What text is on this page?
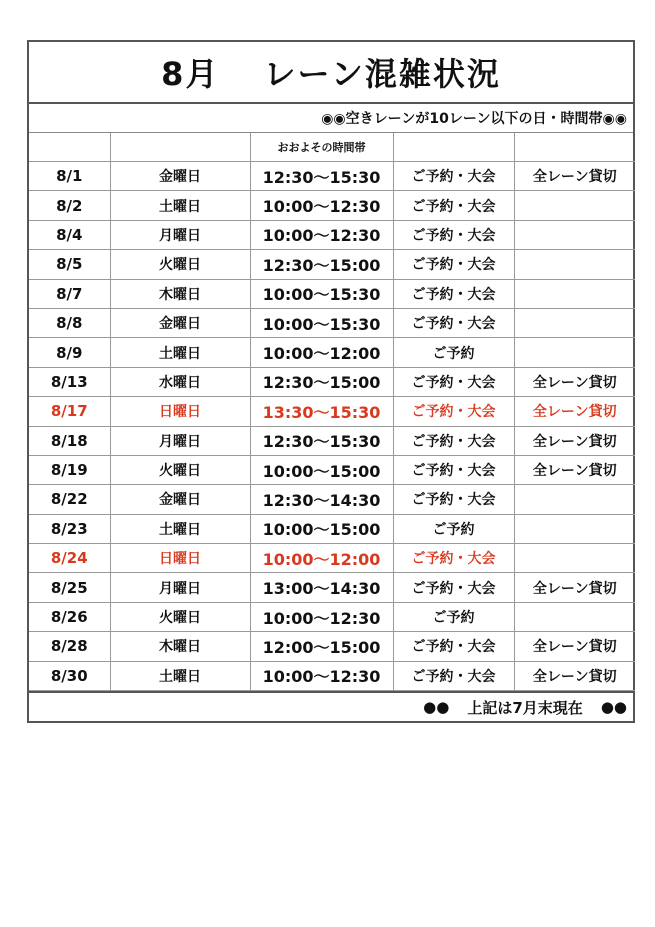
8月 レーン混雑状況
◉◉空きレーンが10レーン以下の日・時間帯◉◉
		おおよその時間帯		
8/1	金曜日	12:30〜15:30	ご予約・大会	全レーン貸切
8/2	土曜日	10:00〜12:30	ご予約・大会	
8/4	月曜日	10:00〜12:30	ご予約・大会	
8/5	火曜日	12:30〜15:00	ご予約・大会	
8/7	木曜日	10:00〜15:30	ご予約・大会	
8/8	金曜日	10:00〜15:30	ご予約・大会	
8/9	土曜日	10:00〜12:00	ご予約	
8/13	水曜日	12:30〜15:00	ご予約・大会	全レーン貸切
8/17	日曜日	13:30〜15:30	ご予約・大会	全レーン貸切
8/18	月曜日	12:30〜15:30	ご予約・大会	全レーン貸切
8/19	火曜日	10:00〜15:00	ご予約・大会	全レーン貸切
8/22	金曜日	12:30〜14:30	ご予約・大会	
8/23	土曜日	10:00〜15:00	ご予約	
8/24	日曜日	10:00〜12:00	ご予約・大会	
8/25	月曜日	13:00〜14:30	ご予約・大会	全レーン貸切
8/26	火曜日	10:00〜12:30	ご予約	
8/28	木曜日	12:00〜15:00	ご予約・大会	全レーン貸切
8/30	土曜日	10:00〜12:30	ご予約・大会	全レーン貸切
●● 上記は7月末現在 ●●
